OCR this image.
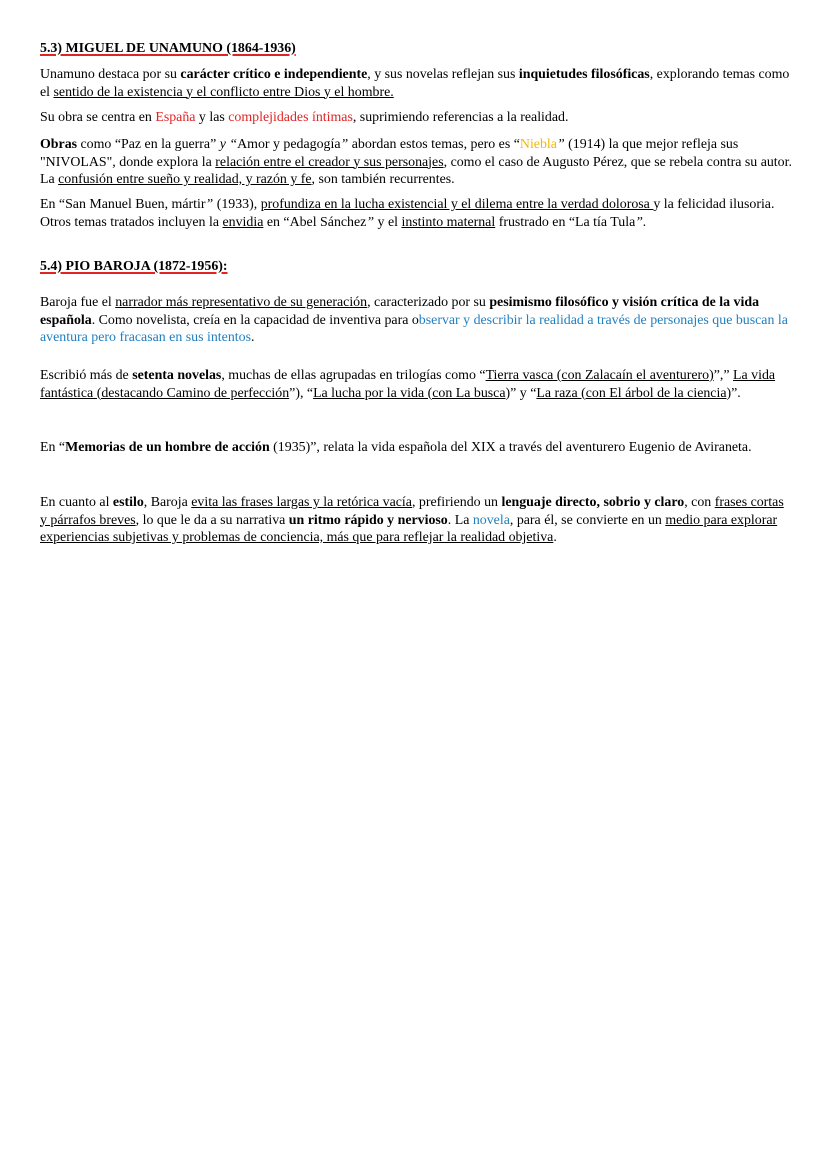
5.3) MIGUEL DE UNAMUNO (1864-1936)

Unamuno destaca por su carácter crítico e independiente, y sus novelas reflejan sus inquietudes filosóficas, explorando temas como el sentido de la existencia y el conflicto entre Dios y el hombre.

Su obra se centra en España y las complejidades íntimas, suprimiendo referencias a la realidad.

Obras como “Paz en la guerra” y “Amor y pedagogía” abordan estos temas, pero es “Niebla” (1914) la que mejor refleja sus "NIVOLAS", donde explora la relación entre el creador y sus personajes, como el caso de Augusto Pérez, que se rebela contra su autor. La confusión entre sueño y realidad, y razón y fe, son también recurrentes.

En “San Manuel Buen, mártir” (1933), profundiza en la lucha existencial y el dilema entre la verdad dolorosa y la felicidad ilusoria. Otros temas tratados incluyen la envidia en “Abel Sánchez” y el instinto maternal frustrado en “La tía Tula”.

5.4) PIO BAROJA (1872-1956):

Baroja fue el narrador más representativo de su generación, caracterizado por su pesimismo filosófico y visión crítica de la vida española. Como novelista, creía en la capacidad de inventiva para observar y describir la realidad a través de personajes que buscan la aventura pero fracasan en sus intentos.

Escribió más de setenta novelas, muchas de ellas agrupadas en trilogías como “Tierra vasca (con Zalacaín el aventurero)”,” La vida fantástica (destacando Camino de perfección”), “La lucha por la vida (con La busca)” y “La raza (con El árbol de la ciencia)”.

En “Memorias de un hombre de acción (1935)”, relata la vida española del XIX a través del aventurero Eugenio de Aviraneta.

En cuanto al estilo, Baroja evita las frases largas y la retórica vacía, prefiriendo un lenguaje directo, sobrio y claro, con frases cortas y párrafos breves, lo que le da a su narrativa un ritmo rápido y nervioso. La novela, para él, se convierte en un medio para explorar experiencias subjetivas y problemas de conciencia, más que para reflejar la realidad objetiva.
